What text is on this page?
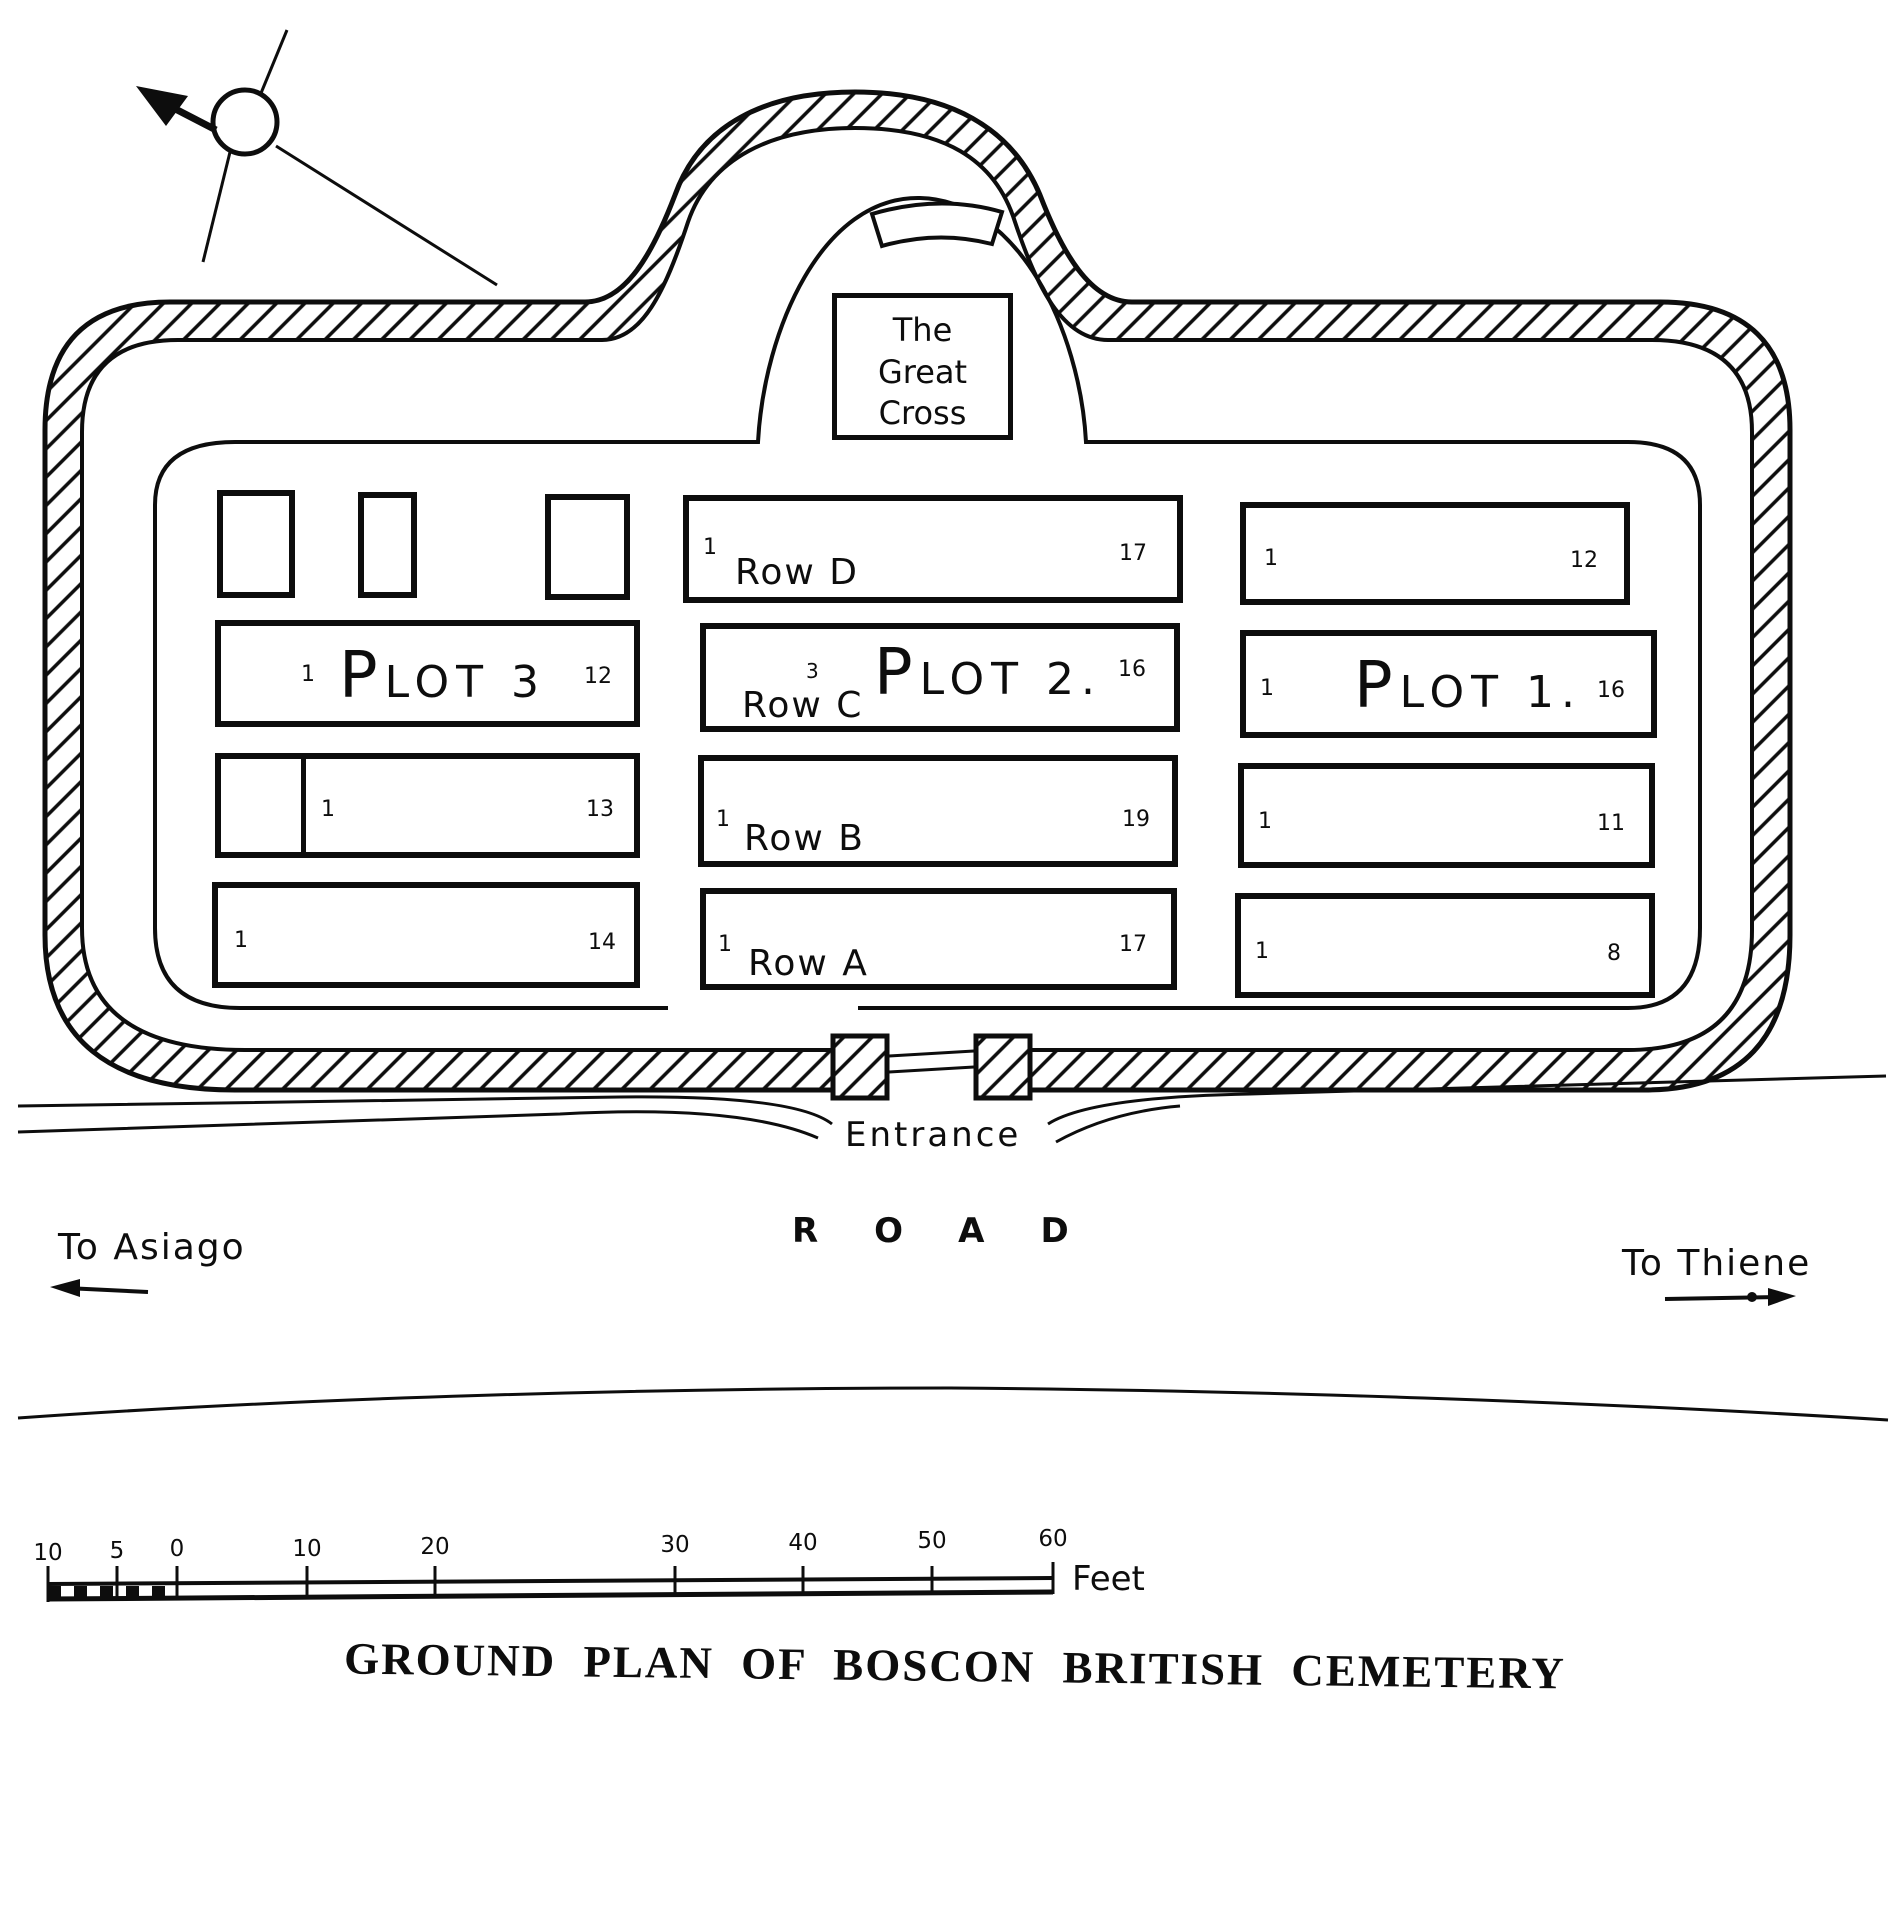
The
Great
Cross
1 PLOT 3 12
1	13
1	14
1
Row D	17
3
Row C PLOT 2. 16
1 Row B	19
1 Row A	17
1	12
1 PLOT 1. 16
1	11
1	8
Entrance
ROAD
To Asiago	To Thiene
10 5 0	10	20	30	40	50	60
Feet
GROUND PLAN OF BOSCON BRITISH CEMETERY
